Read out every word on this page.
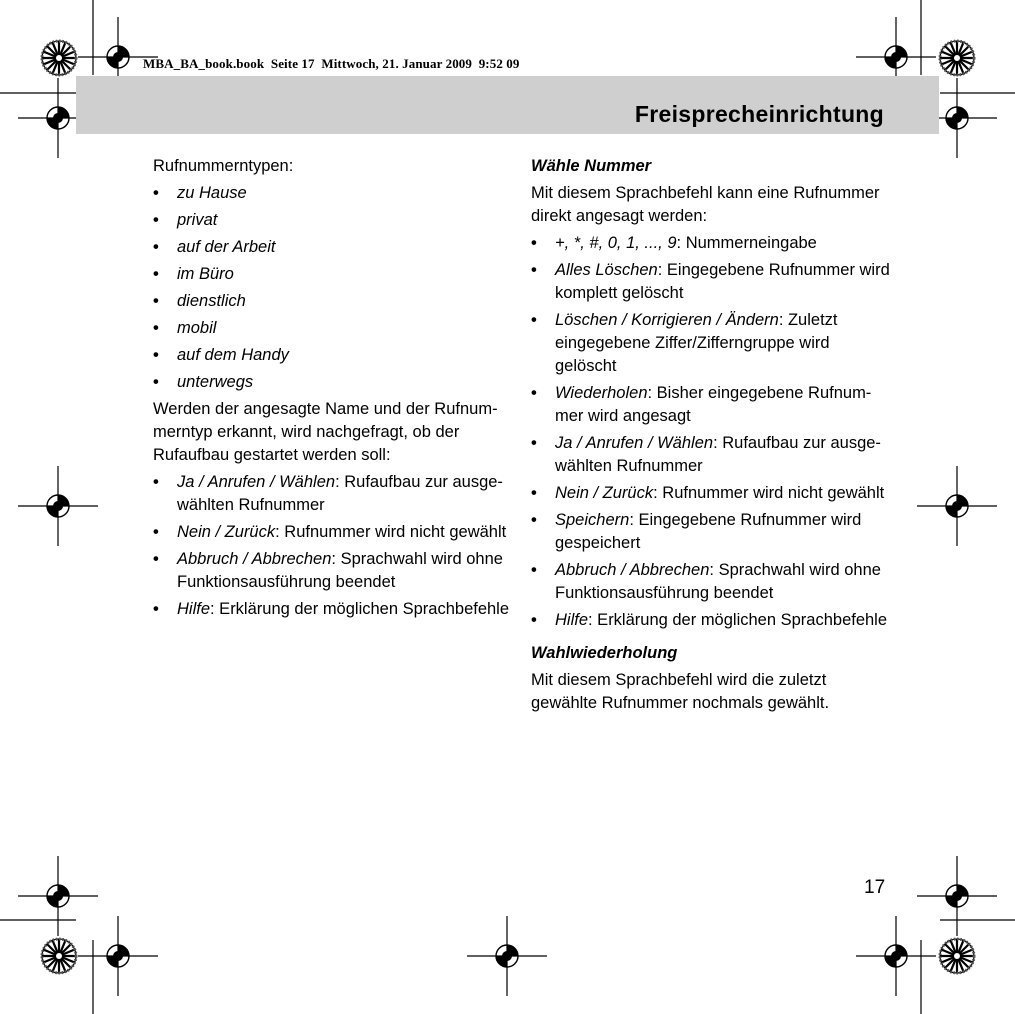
MBA_BA_book.book  Seite 17  Mittwoch, 21. Januar 2009  9:52 09
Freisprecheinrichtung

Rufnummerntypen:

• zu Hause
• privat
• auf der Arbeit
• im Büro
• dienstlich
• mobil
• auf dem Handy
• unterwegs

Werden der angesagte Name und der Rufnum-merntyp erkannt, wird nachgefragt, ob der Rufaufbau gestartet werden soll:

• Ja / Anrufen / Wählen: Rufaufbau zur ausge-wählten Rufnummer
• Nein / Zurück: Rufnummer wird nicht gewählt
• Abbruch / Abbrechen: Sprachwahl wird ohne Funktionsausführung beendet
• Hilfe: Erklärung der möglichen Sprachbefehle

Wähle Nummer

Mit diesem Sprachbefehl kann eine Rufnummer direkt angesagt werden:

• +, *, #, 0, 1, ..., 9: Nummerneingabe
• Alles Löschen: Eingegebene Rufnummer wird komplett gelöscht
• Löschen / Korrigieren / Ändern: Zuletzt eingegebene Ziffer/Zifferngruppe wird gelöscht
• Wiederholen: Bisher eingegebene Rufnum-mer wird angesagt
• Ja / Anrufen / Wählen: Rufaufbau zur ausge-wählten Rufnummer
• Nein / Zurück: Rufnummer wird nicht gewählt
• Speichern: Eingegebene Rufnummer wird gespeichert
• Abbruch / Abbrechen: Sprachwahl wird ohne Funktionsausführung beendet
• Hilfe: Erklärung der möglichen Sprachbefehle

Wahlwiederholung

Mit diesem Sprachbefehl wird die zuletzt gewählte Rufnummer nochmals gewählt.

17
